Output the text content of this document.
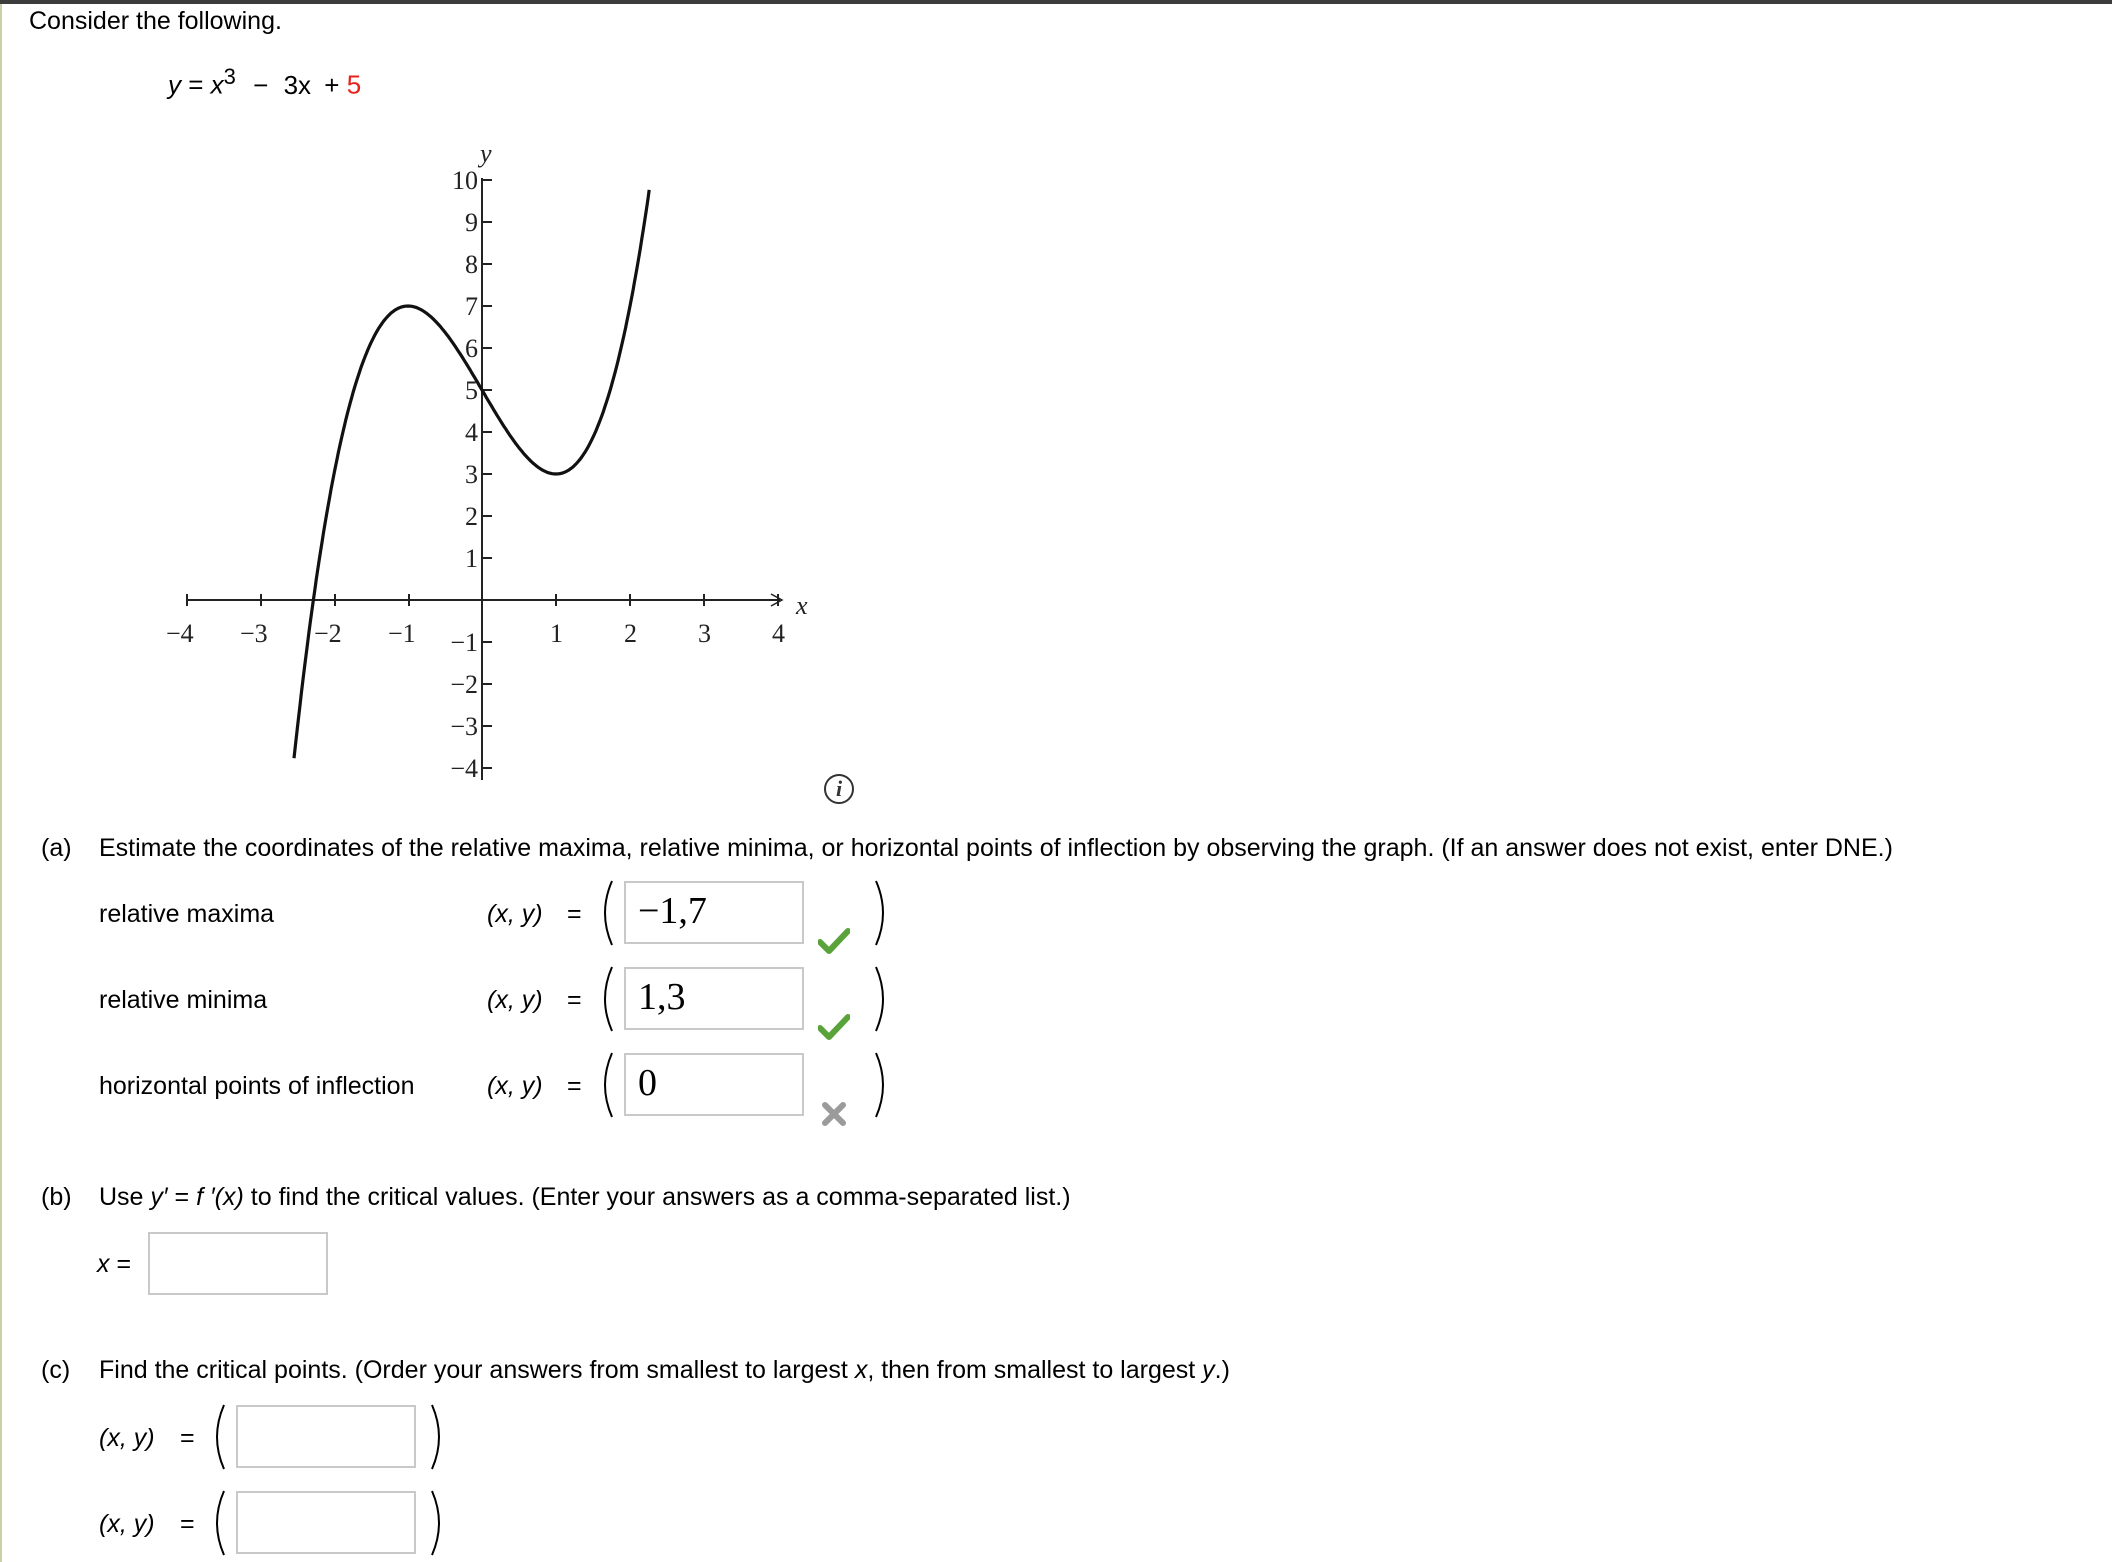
Consider the following.
$y = x^3 - 3x + 5$
y
x
−4 −3 −2 −1	1 2 3 4
10
9
8
7
6
5
4
3
2
1
−1
−2
−3
−4
i
(a) Estimate the coordinates of the relative maxima, relative minima, or horizontal points of inflection by observing the graph. (If an answer does not exist, enter DNE.)
relative maxima	(x, y) =	−1,7
relative minima	(x, y) =	1,3
horizontal points of inflection	(x, y) =	0
(b) Use y′ = f ′(x) to find the critical values. (Enter your answers as a comma-separated list.)
x =
(c) Find the critical points. (Order your answers from smallest to largest x, then from smallest to largest y.)
(x, y) =
(x, y) =
